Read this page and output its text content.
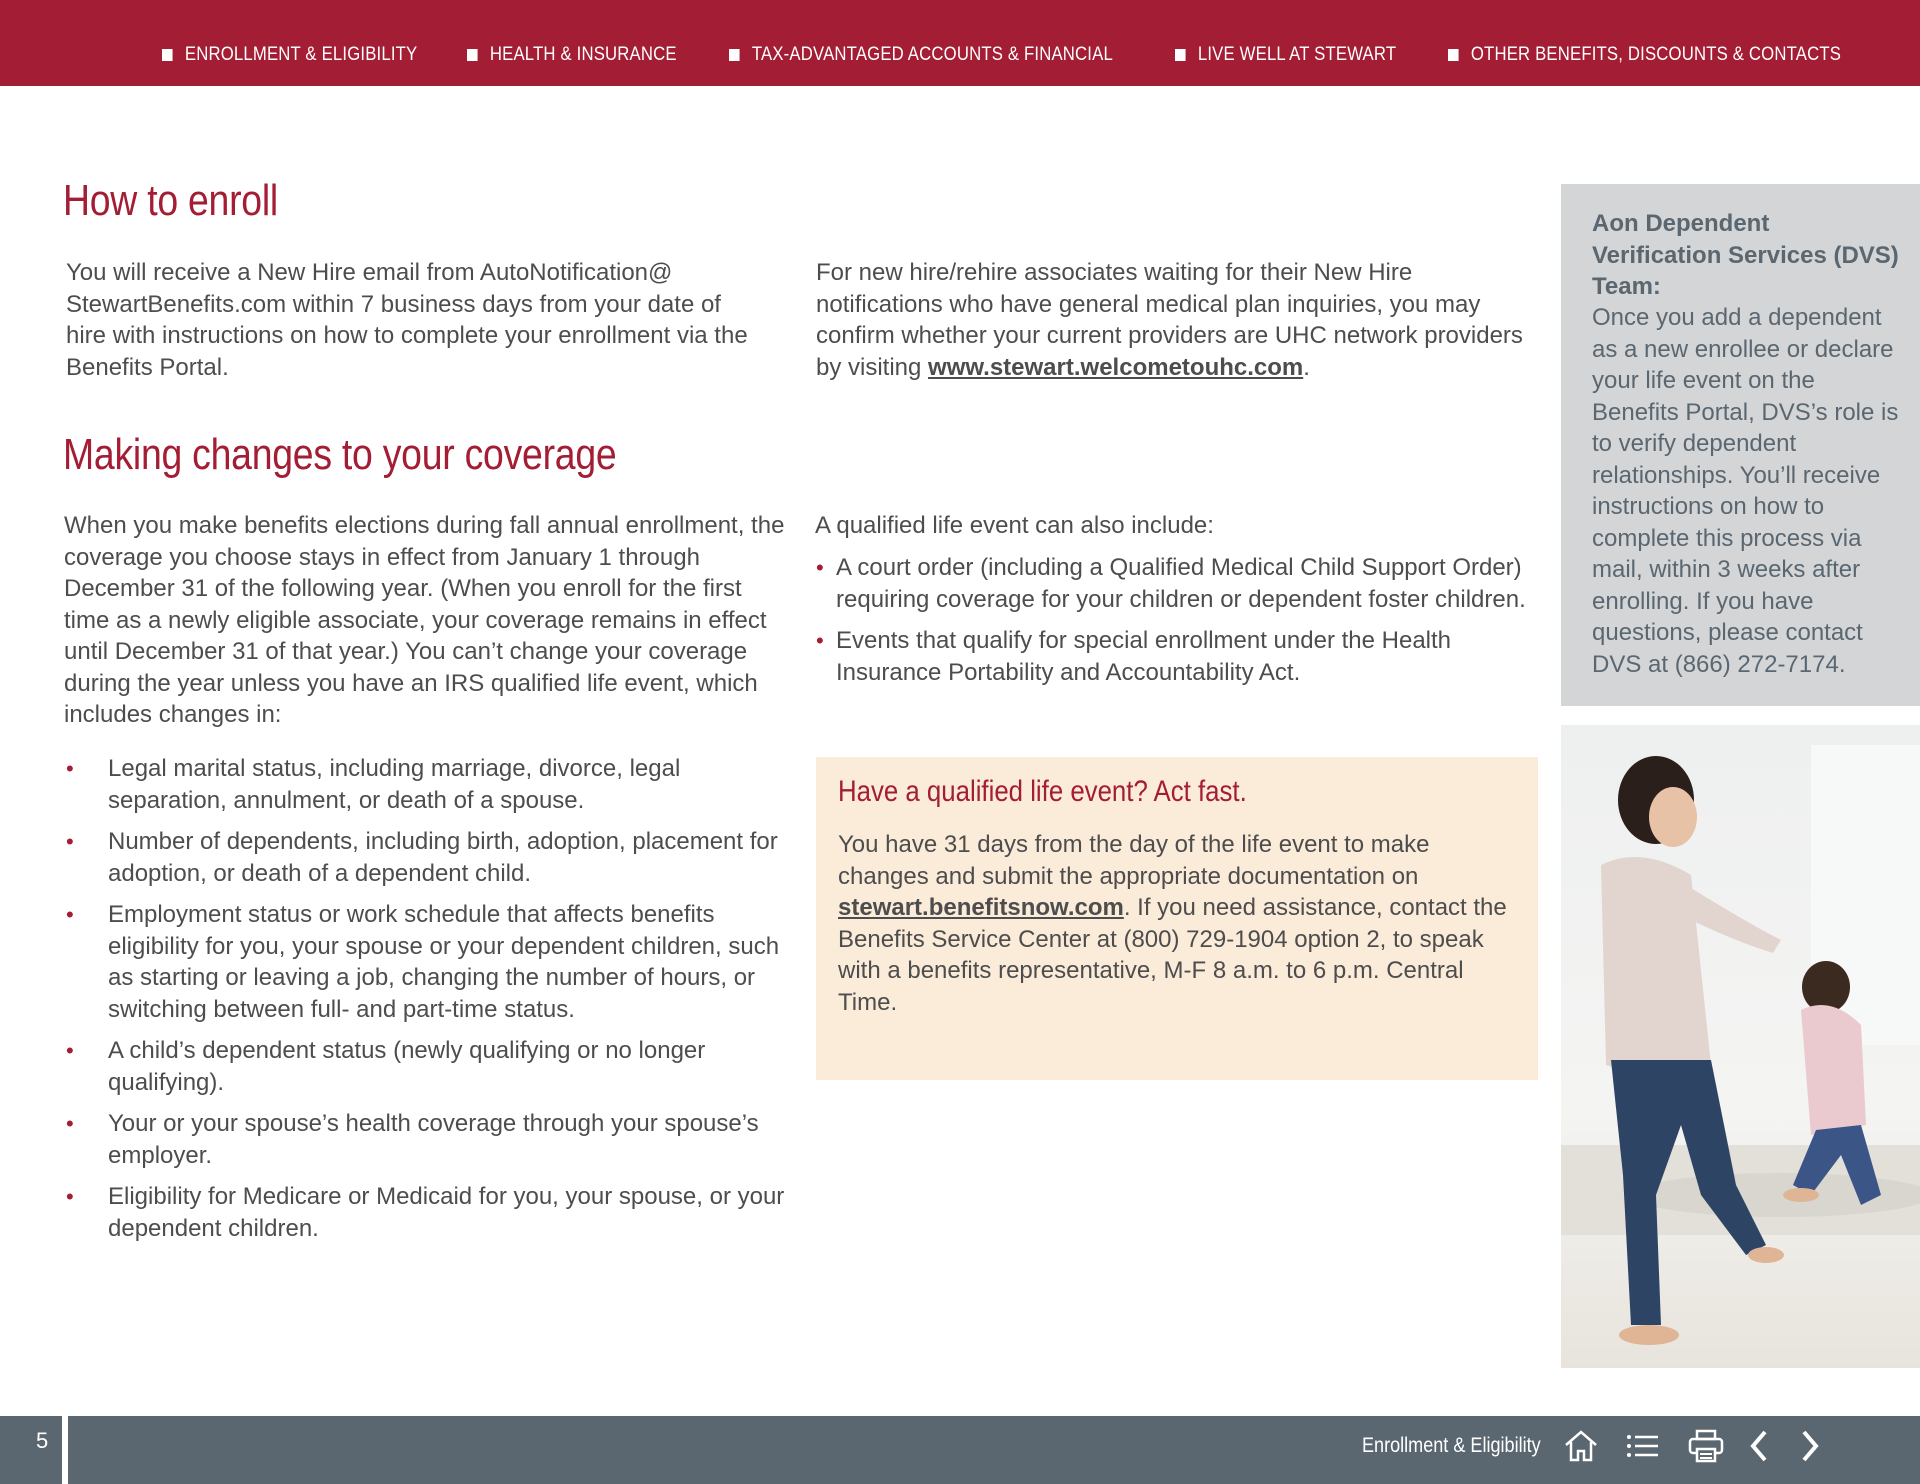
ENROLLMENT & ELIGIBILITY	HEALTH & INSURANCE	TAX-ADVANTAGED ACCOUNTS & FINANCIAL	LIVE WELL AT STEWART	OTHER BENEFITS, DISCOUNTS & CONTACTS
How to enroll

You will receive a New Hire email from AutoNotification@ StewartBenefits.com within 7 business days from your date of hire with instructions on how to complete your enrollment via the Benefits Portal.

For new hire/rehire associates waiting for their New Hire notifications who have general medical plan inquiries, you may confirm whether your current providers are UHC network providers by visiting www.stewart.welcometouhc.com.

Making changes to your coverage

When you make benefits elections during fall annual enrollment, the coverage you choose stays in effect from January 1 through December 31 of the following year. (When you enroll for the first time as a newly eligible associate, your coverage remains in effect until December 31 of that year.) You can’t change your coverage during the year unless you have an IRS qualified life event, which includes changes in:

• Legal marital status, including marriage, divorce, legal separation, annulment, or death of a spouse.
• Number of dependents, including birth, adoption, placement for adoption, or death of a dependent child.
• Employment status or work schedule that affects benefits eligibility for you, your spouse or your dependent children, such as starting or leaving a job, changing the number of hours, or switching between full- and part-time status.
• A child’s dependent status (newly qualifying or no longer qualifying).
• Your or your spouse’s health coverage through your spouse’s employer.
• Eligibility for Medicare or Medicaid for you, your spouse, or your dependent children.

A qualified life event can also include:

• A court order (including a Qualified Medical Child Support Order) requiring coverage for your children or dependent foster children.
• Events that qualify for special enrollment under the Health Insurance Portability and Accountability Act.
Have a qualified life event? Act fast.

You have 31 days from the day of the life event to make changes and submit the appropriate documentation on stewart.benefitsnow.com. If you need assistance, contact the Benefits Service Center at (800) 729-1904 option 2, to speak with a benefits representative, M-F 8 a.m. to 6 p.m. Central Time.

Aon Dependent Verification Services (DVS) Team:
Once you add a dependent as a new enrollee or declare your life event on the Benefits Portal, DVS’s role is to verify dependent relationships. You’ll receive instructions on how to complete this process via mail, within 3 weeks after enrolling. If you have questions, please contact DVS at (866) 272-7174.
5	Enrollment & Eligibility
